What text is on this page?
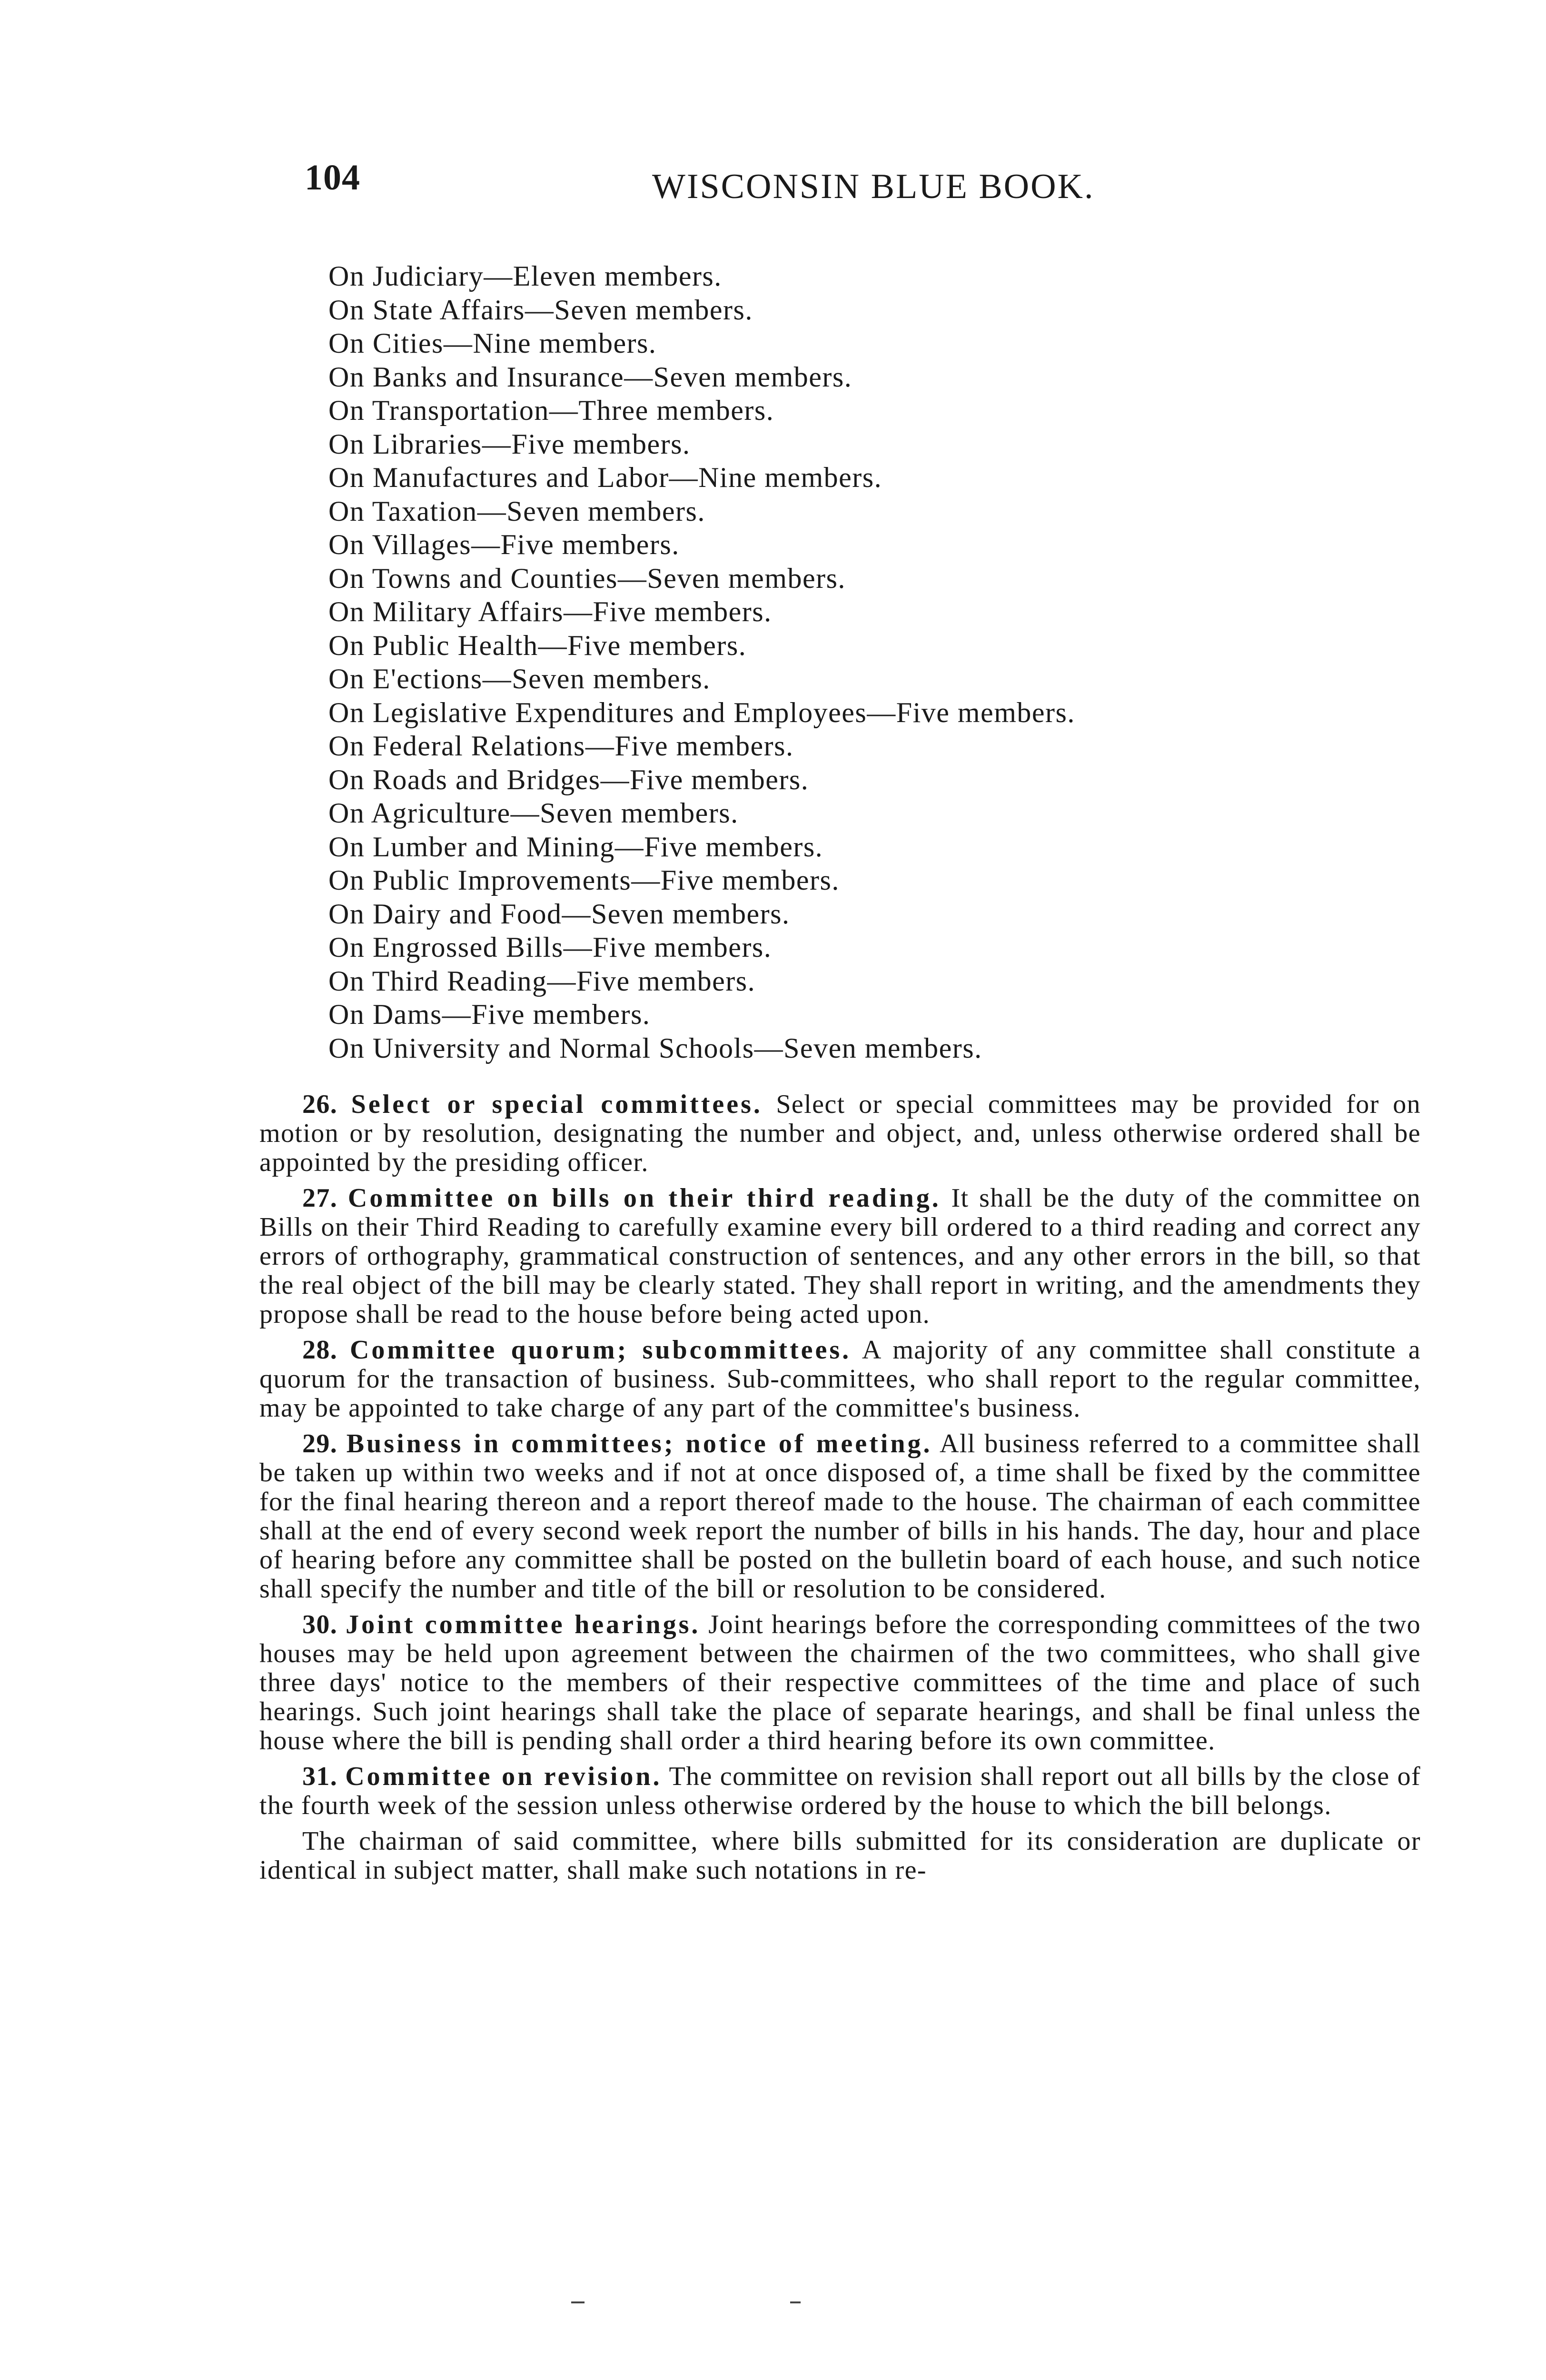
104	WISCONSIN BLUE BOOK.
On Judiciary—Eleven members.
On State Affairs—Seven members.
On Cities—Nine members.
On Banks and Insurance—Seven members.
On Transportation—Three members.
On Libraries—Five members.
On Manufactures and Labor—Nine members.
On Taxation—Seven members.
On Villages—Five members.
On Towns and Counties—Seven members.
On Military Affairs—Five members.
On Public Health—Five members.
On E'ections—Seven members.
On Legislative Expenditures and Employees—Five members.
On Federal Relations—Five members.
On Roads and Bridges—Five members.
On Agriculture—Seven members.
On Lumber and Mining—Five members.
On Public Improvements—Five members.
On Dairy and Food—Seven members.
On Engrossed Bills—Five members.
On Third Reading—Five members.
On Dams—Five members.
On University and Normal Schools—Seven members.

26. Select or special committees. Select or special committees may be provided for on motion or by resolution, designating the number and object, and, unless otherwise ordered shall be appointed by the presiding officer.

27. Committee on bills on their third reading. It shall be the duty of the committee on Bills on their Third Reading to carefully examine every bill ordered to a third reading and correct any errors of orthography, grammatical construction of sentences, and any other errors in the bill, so that the real object of the bill may be clearly stated. They shall report in writing, and the amendments they propose shall be read to the house before being acted upon.

28. Committee quorum; subcommittees. A majority of any committee shall constitute a quorum for the transaction of business. Sub-committees, who shall report to the regular committee, may be appointed to take charge of any part of the committee's business.

29. Business in committees; notice of meeting. All business referred to a committee shall be taken up within two weeks and if not at once disposed of, a time shall be fixed by the committee for the final hearing thereon and a report thereof made to the house. The chairman of each committee shall at the end of every second week report the number of bills in his hands. The day, hour and place of hearing before any committee shall be posted on the bulletin board of each house, and such notice shall specify the number and title of the bill or resolution to be considered.

30. Joint committee hearings. Joint hearings before the corresponding committees of the two houses may be held upon agreement between the chairmen of the two committees, who shall give three days' notice to the members of their respective committees of the time and place of such hearings. Such joint hearings shall take the place of separate hearings, and shall be final unless the house where the bill is pending shall order a third hearing before its own committee.

31. Committee on revision. The committee on revision shall report out all bills by the close of the fourth week of the session unless otherwise ordered by the house to which the bill belongs.

The chairman of said committee, where bills submitted for its consideration are duplicate or identical in subject matter, shall make such notations in re-
